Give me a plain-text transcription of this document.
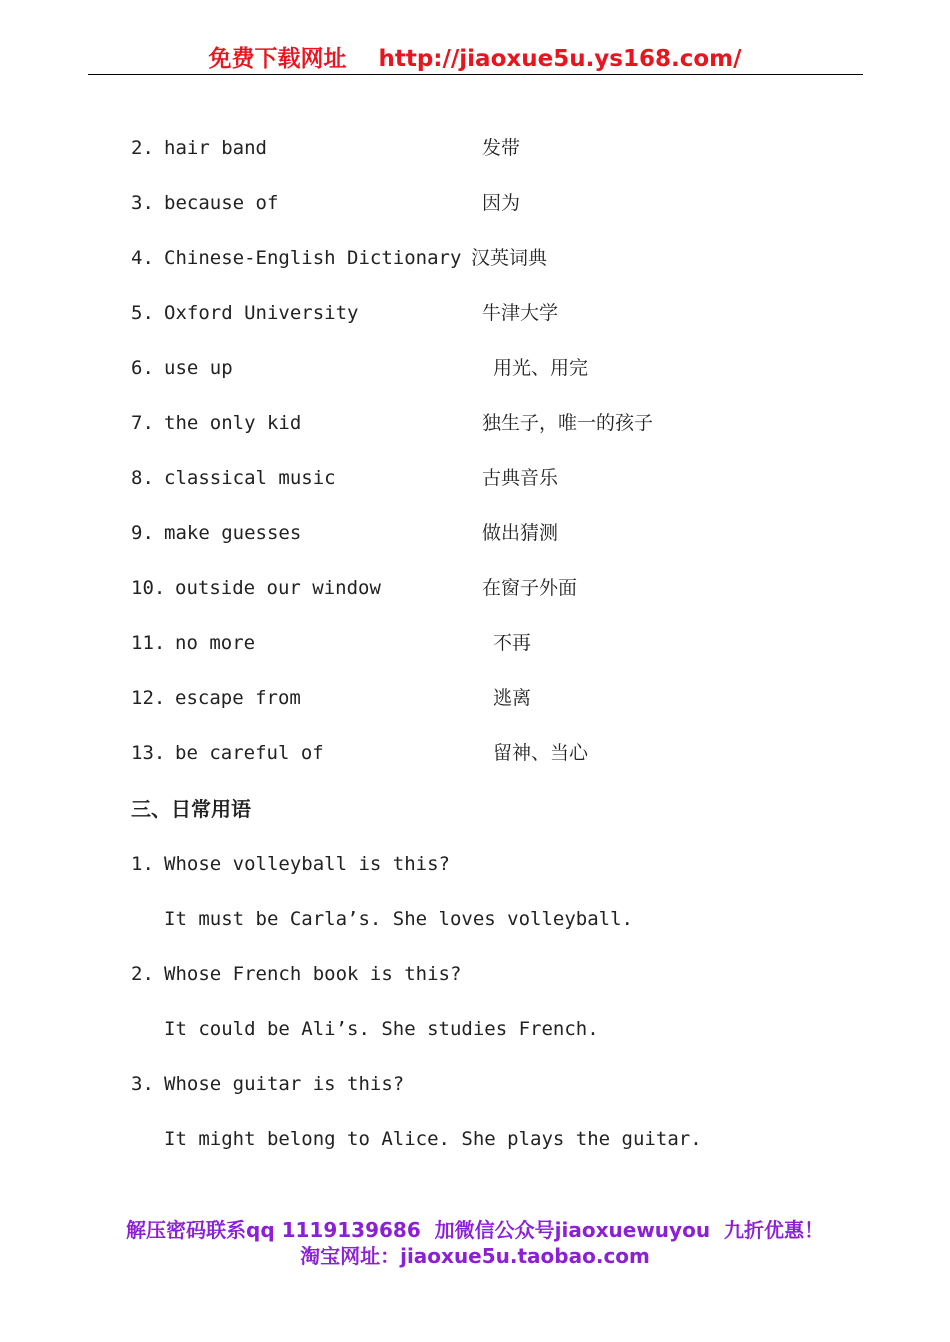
免费下载网址 http://jiaoxue5u.ys168.com/
2. hair band	发带
3. because of	因为
4. Chinese-English Dictionary 汉英词典
5. Oxford University	牛津大学
6. use up	用光、用完
7. the only kid	独生子，唯一的孩子
8. classical music	古典音乐
9. make guesses	做出猜测
10. outside our window	在窗子外面
11. no more	不再
12. escape from	逃离
13. be careful of	留神、当心
三、日常用语
1. Whose volleyball is this?
It must be Carla’s. She loves volleyball.
2. Whose French book is this?
It could be Ali’s. She studies French.
3. Whose guitar is this?
It might belong to Alice. She plays the guitar.
解压密码联系qq 1119139686  加微信公众号jiaoxuewuyou  九折优惠！
淘宝网址：jiaoxue5u.taobao.com
